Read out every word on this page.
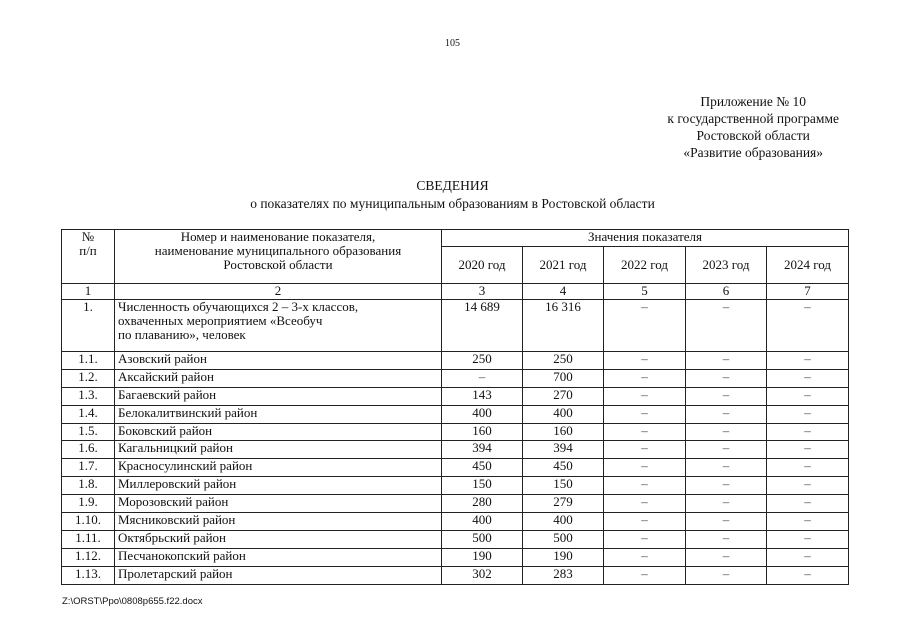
105
Приложение № 10
к государственной программе
Ростовской области
«Развитие образования»
СВЕДЕНИЯ
о показателях по муниципальным образованиям в Ростовской области
№
п/п	Номер и наименование показателя,
наименование муниципального образования
Ростовской области	Значения показателя				
		2020 год	2021 год	2022 год	2023 год	2024 год
1	2	3	4	5	6	7
1.	Численность обучающихся 2 – 3-х классов,
охваченных мероприятием «Всеобуч
по плаванию», человек	14 689	16 316	–	–	–
1.1.	Азовский район	250	250	–	–	–
1.2.	Аксайский район	–	700	–	–	–
1.3.	Багаевский район	143	270	–	–	–
1.4.	Белокалитвинский район	400	400	–	–	–
1.5.	Боковский район	160	160	–	–	–
1.6.	Кагальницкий район	394	394	–	–	–
1.7.	Красносулинский район	450	450	–	–	–
1.8.	Миллеровский район	150	150	–	–	–
1.9.	Морозовский район	280	279	–	–	–
1.10.	Мясниковский район	400	400	–	–	–
1.11.	Октябрьский район	500	500	–	–	–
1.12.	Песчанокопский район	190	190	–	–	–
1.13.	Пролетарский район	302	283	–	–	–
Z:\ORST\Ppo\0808p655.f22.docx
